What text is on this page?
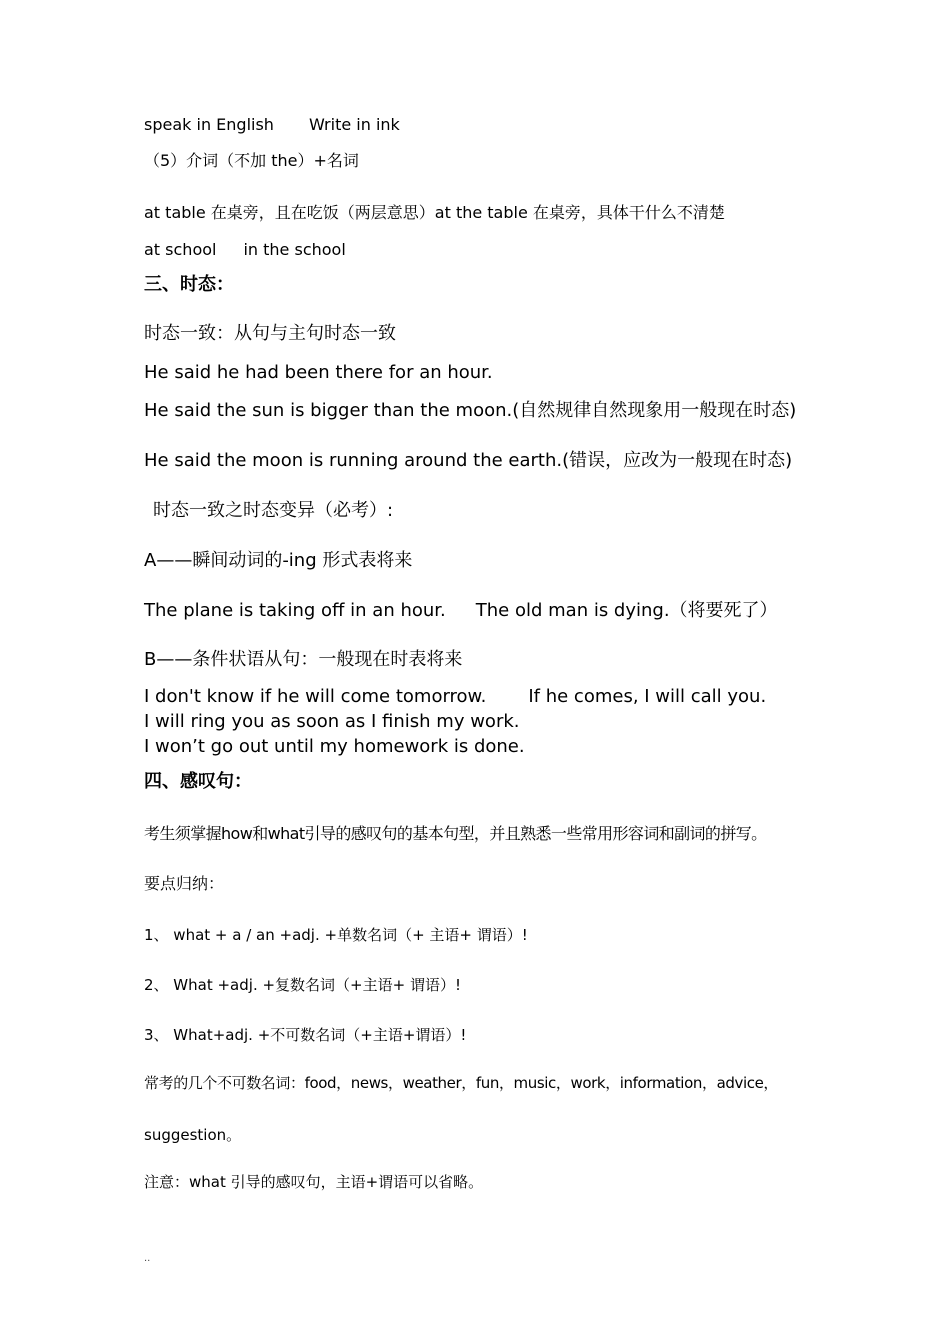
speak in English Write in ink
（5）介词（不加 the）+名词
at table 在桌旁，且在吃饭（两层意思）at the table 在桌旁，具体干什么不清楚
at school in the school
三、时态：
时态一致：从句与主句时态一致
He said he had been there for an hour.
He said the sun is bigger than the moon.(自然规律自然现象用一般现在时态)
He said the moon is running around the earth.(错误，应改为一般现在时态)
时态一致之时态变异（必考）:
A——瞬间动词的-ing 形式表将来
The plane is taking off in an hour. The old man is dying.（将要死了）
B——条件状语从句：一般现在时表将来
I don't know if he will come tomorrow. If he comes, I will call you.
I will ring you as soon as I finish my work.
I won’t go out until my homework is done.
四、感叹句：
考生须掌握how和what引导的感叹句的基本句型，并且熟悉一些常用形容词和副词的拼写。
要点归纳：
1、 what + a / an +adj. +单数名词（+ 主语+ 谓语）!
2、 What +adj. +复数名词（+主语+ 谓语）!
3、 What+adj. +不可数名词（+主语+谓语）!
常考的几个不可数名词：food，news，weather，fun，music，work，information，advice，
suggestion。
注意：what 引导的感叹句，主语+谓语可以省略。
..
